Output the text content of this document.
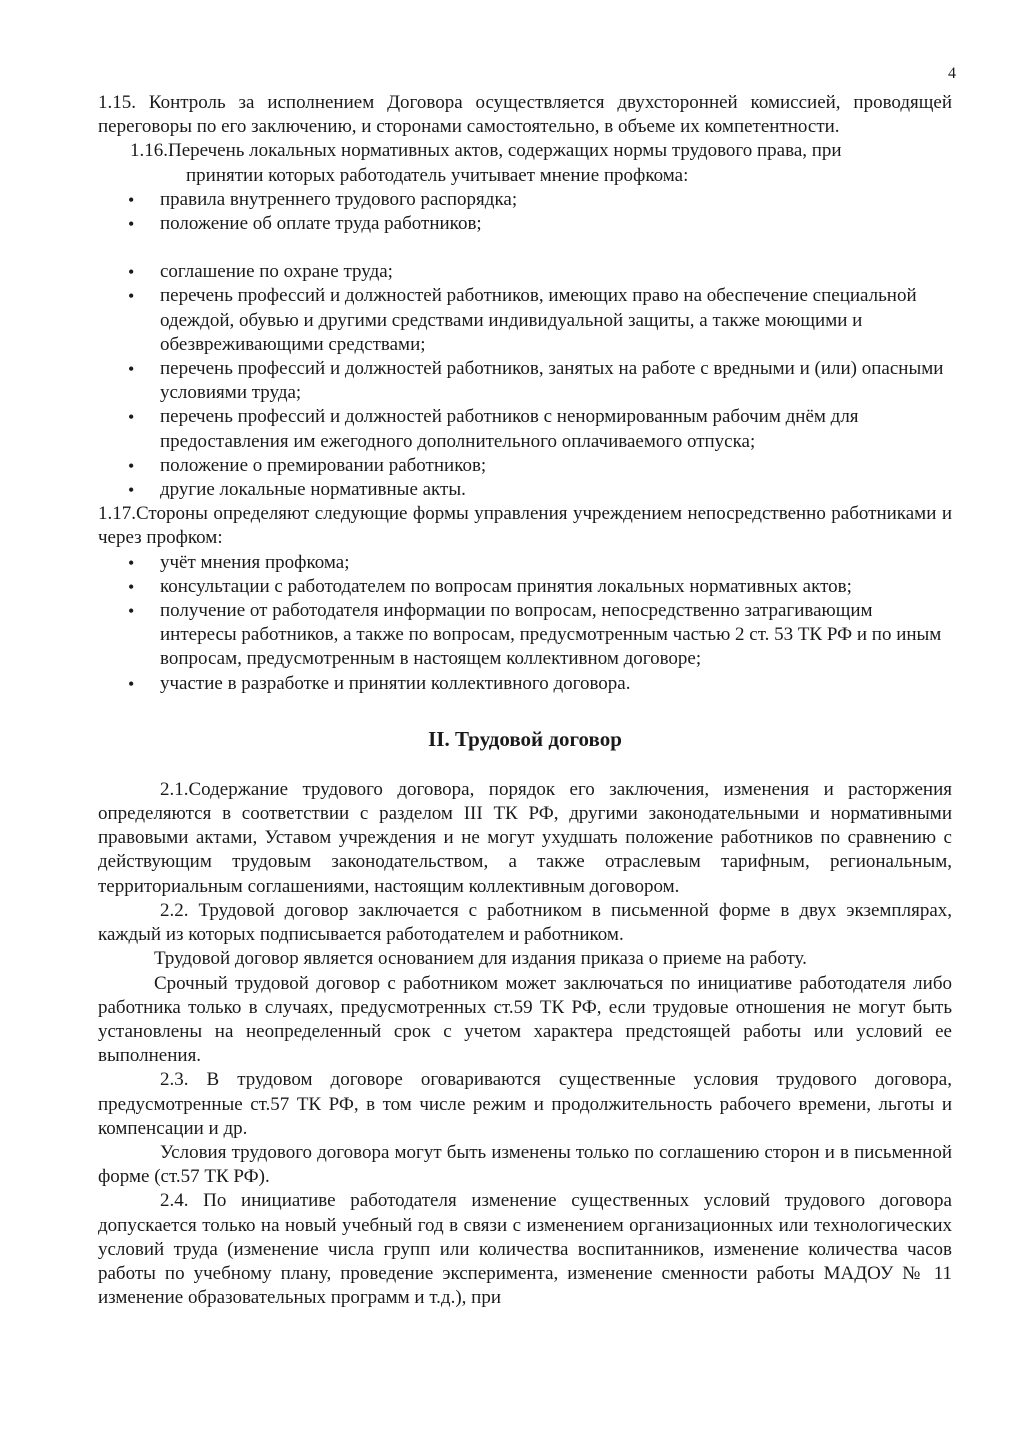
4

1.15. Контроль за исполнением Договора осуществляется двухсторонней комиссией, проводящей переговоры по его заключению, и сторонами самостоятельно, в объеме их компетентности.

1.16.Перечень локальных нормативных актов, содержащих нормы трудового права, при

принятии которых работодатель учитывает мнение профкома:

• правила внутреннего трудового распорядка;
• положение об оплате труда работников;
• соглашение по охране труда;
• перечень профессий и должностей работников, имеющих право на обеспечение специальной одеждой, обувью и другими средствами индивидуальной защиты, а также моющими и обезвреживающими средствами;
• перечень профессий и должностей работников, занятых на работе с вредными и (или) опасными условиями труда;
• перечень профессий и должностей работников с ненормированным рабочим днём для предоставления им ежегодного дополнительного оплачиваемого отпуска;
• положение о премировании работников;
• другие локальные нормативные акты.

1.17.Стороны определяют следующие формы управления учреждением непосредственно работниками и через профком:

• учёт мнения профкома;
• консультации с работодателем по вопросам принятия локальных нормативных актов;
• получение от работодателя информации по вопросам, непосредственно затрагивающим интересы работников, а также по вопросам, предусмотренным частью 2 ст. 53 ТК РФ и по иным вопросам, предусмотренным в настоящем коллективном договоре;
• участие в разработке и принятии коллективного договора.
II. Трудовой договор

2.1.Содержание трудового договора, порядок его заключения, изменения и расторжения определяются в соответствии с разделом III ТК РФ, другими законодательными и нормативными правовыми актами, Уставом учреждения и не могут ухудшать положение работников по сравнению с действующим трудовым законодательством, а также отраслевым тарифным, региональным, территориальным соглашениями, настоящим коллективным договором.

2.2. Трудовой договор заключается с работником в письменной форме в двух экземплярах, каждый из которых подписывается работодателем и работником.

Трудовой договор является основанием для издания приказа о приеме на работу.

Срочный трудовой договор с работником может заключаться по инициативе работодателя либо работника только в случаях, предусмотренных ст.59 ТК РФ, если трудовые отношения не могут быть установлены на неопределенный срок с учетом характера предстоящей работы или условий ее выполнения.

2.3. В трудовом договоре оговариваются существенные условия трудового договора, предусмотренные ст.57 ТК РФ, в том числе режим и продолжительность рабочего времени, льготы и компенсации и др.

Условия трудового договора могут быть изменены только по соглашению сторон и в письменной форме (ст.57 ТК РФ).

2.4. По инициативе работодателя изменение существенных условий трудового договора допускается только на новый учебный год в связи с изменением организационных или технологических условий труда (изменение числа групп или количества воспитанников, изменение количества часов работы по учебному плану, проведение эксперимента, изменение сменности работы МАДОУ № 11 изменение образовательных программ и т.д.), при
